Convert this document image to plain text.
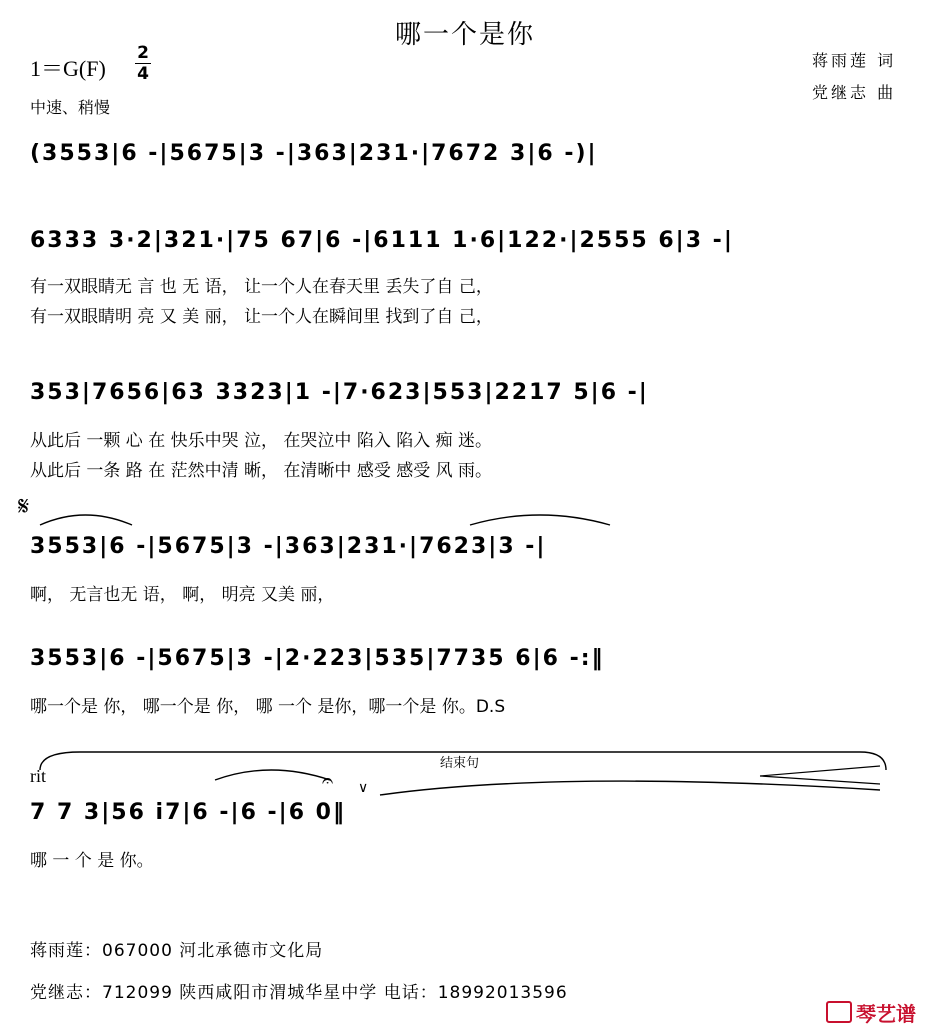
哪一个是你
1＝G(F)
2
4
中速、稍慢
蒋雨莲 词
党继志 曲
(3553|6 -|5675|3 -|363|231·|7672 3|6 -)|
6333 3·2|321·|75 67|6 -|6111 1·6|122·|2555 6|3 -|
有一双眼睛无 言 也 无 语， 让一个人在春天里 丢失了自 己，
有一双眼睛明 亮 又 美 丽， 让一个人在瞬间里 找到了自 己，
353|7656|63 3323|1 -|7·623|553|2217 5|6 -|
从此后 一颗 心 在 快乐中哭 泣， 在哭泣中 陷入 陷入 痴 迷。
从此后 一条 路 在 茫然中清 晰， 在清晰中 感受 感受 风 雨。
𝄋
3553|6 -|5675|3 -|363|231·|7623|3 -|
啊， 无言也无 语， 啊， 明亮 又美 丽，
3553|6 -|5675|3 -|2·223|535|7735 6|6 -:‖
哪一个是 你， 哪一个是 你， 哪 一个 是你，哪一个是 你。D.S
rit
结束句
𝄐 ∨
7 7 3|56 i7|6 -|6 -|6 0‖
哪 一 个 是 你。
蒋雨莲：067000 河北承德市文化局
党继志：712099 陕西咸阳市渭城华星中学 电话：18992013596
琴艺谱
